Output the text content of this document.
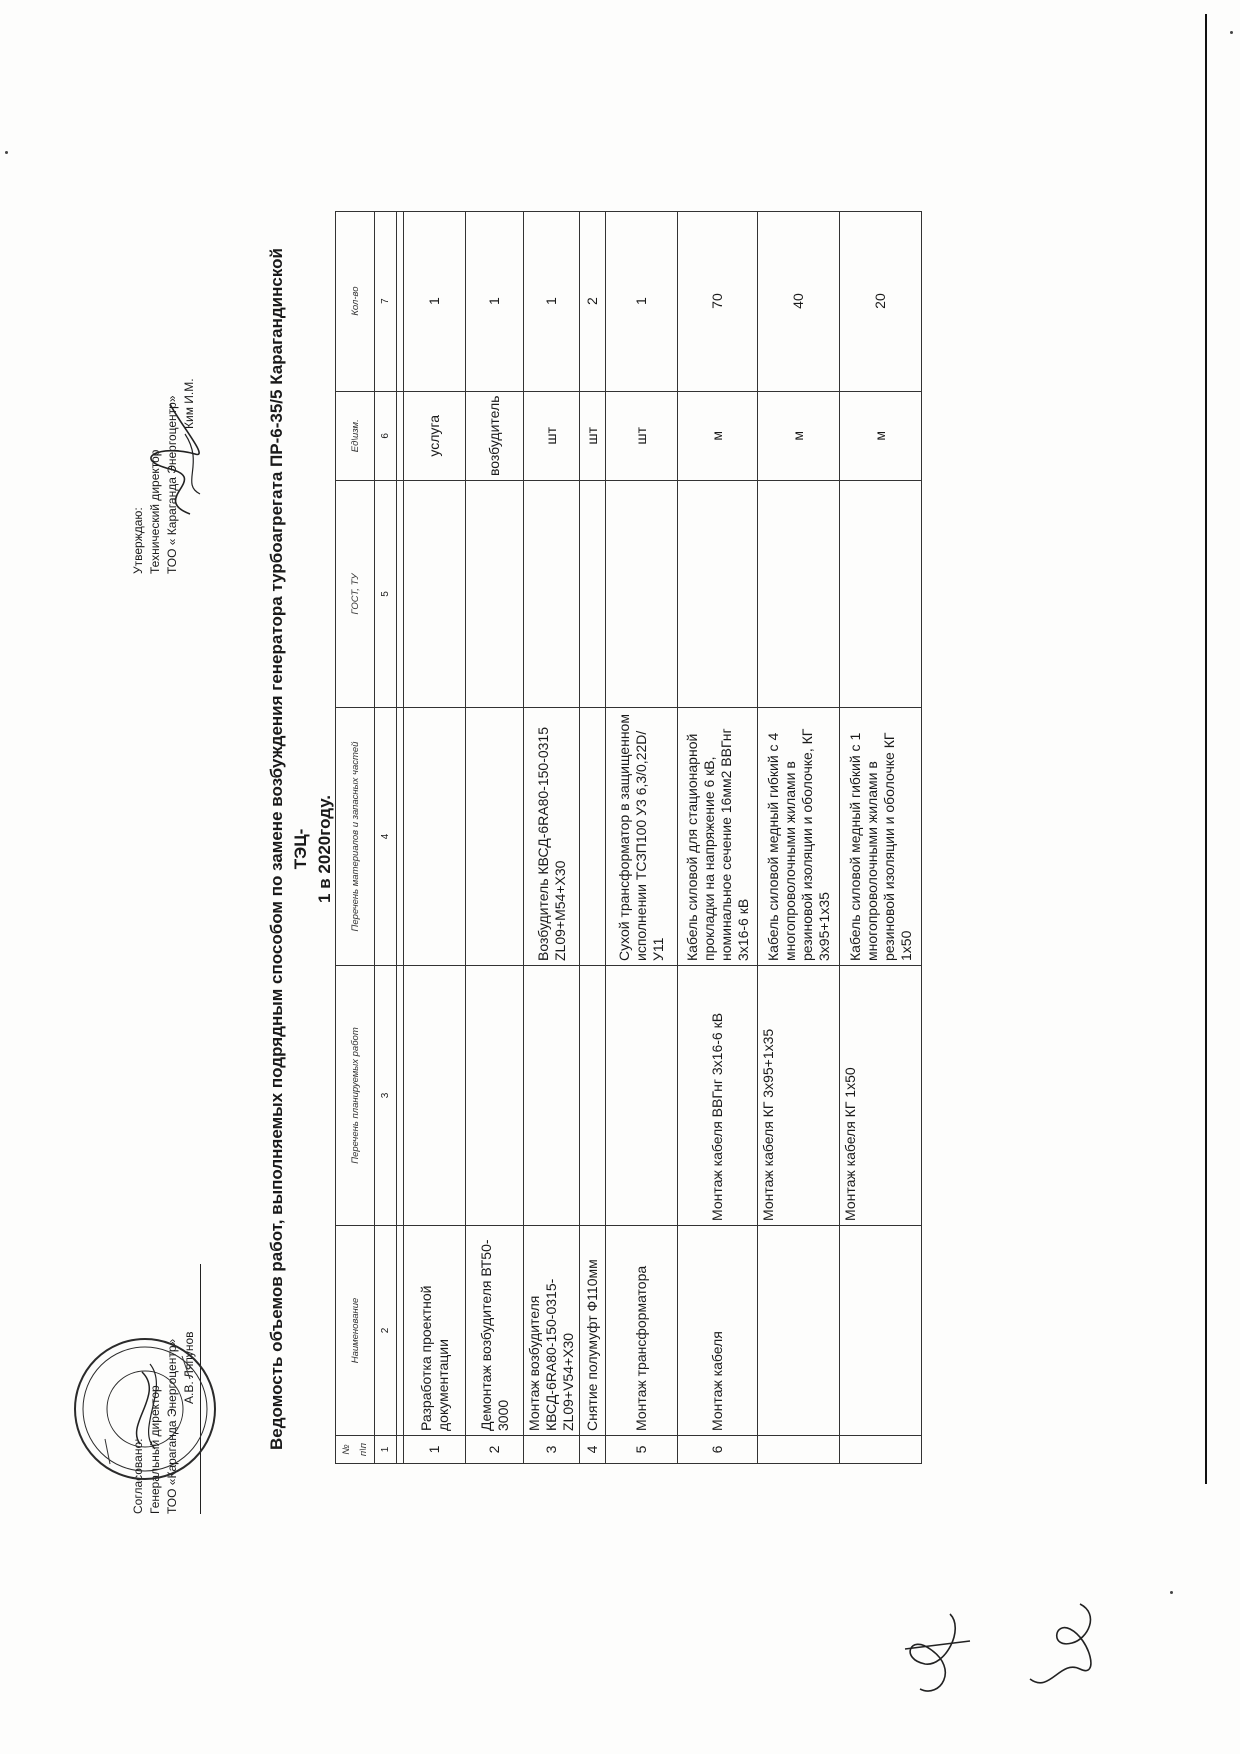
Согласовано: Генеральный директор ТОО «Караганда Энергоцентр» А.В. Ляпунов
Утверждаю: Технический директор ТОО « Караганда Энергоцентр» Ким И.М.	Ведомость объемов работ, выполняемых подрядным способом по замене возбуждения генератора турбоагрегата ПР-6-35/5 Карагандинской ТЭЦ- 1 в 2020году.
№ п\п	Наименование	Перечень планируемых работ	Перечень материалов и запасных частей	ГОСТ, ТУ	Ед\изм.	Кол-во
1	2	3	4	5	6	7

1	Разработка проектной документации				услуга	1
2	Демонтаж возбудителя ВТ50-3000				возбудитель	1
3	Монтаж возбудителя КВСД-6RA80-150-0315-ZL09+V54+X30		Возбудитель КВСД-6RA80-150-0315 ZL09+M54+X30		шт	1
4	Снятие полумуфт Ф110мм				шт	2
5	Монтаж трансформатора		Сухой трансформатор в защищенном исполнении ТСЗП100 У3 6,3/0,22D/У11		шт	1
6	Монтаж кабеля	Монтаж кабеля ВВГнг 3х16-6 кВ	Кабель силовой для стационарной прокладки на напряжение 6 кВ, номинальное сечение 16мм2 ВВГнг 3х16-6 кВ		м	70
		Монтаж кабеля КГ 3х95+1х35	Кабель силовой медный гибкий с 4 многопроволочными жилами в резиновой изоляции и оболочке, КГ 3х95+1х35		м	40
		Монтаж кабеля КГ 1х50	Кабель силовой медный гибкий с 1 многопроволочными жилами в резиновой изоляции и оболочке КГ 1х50		м	20
